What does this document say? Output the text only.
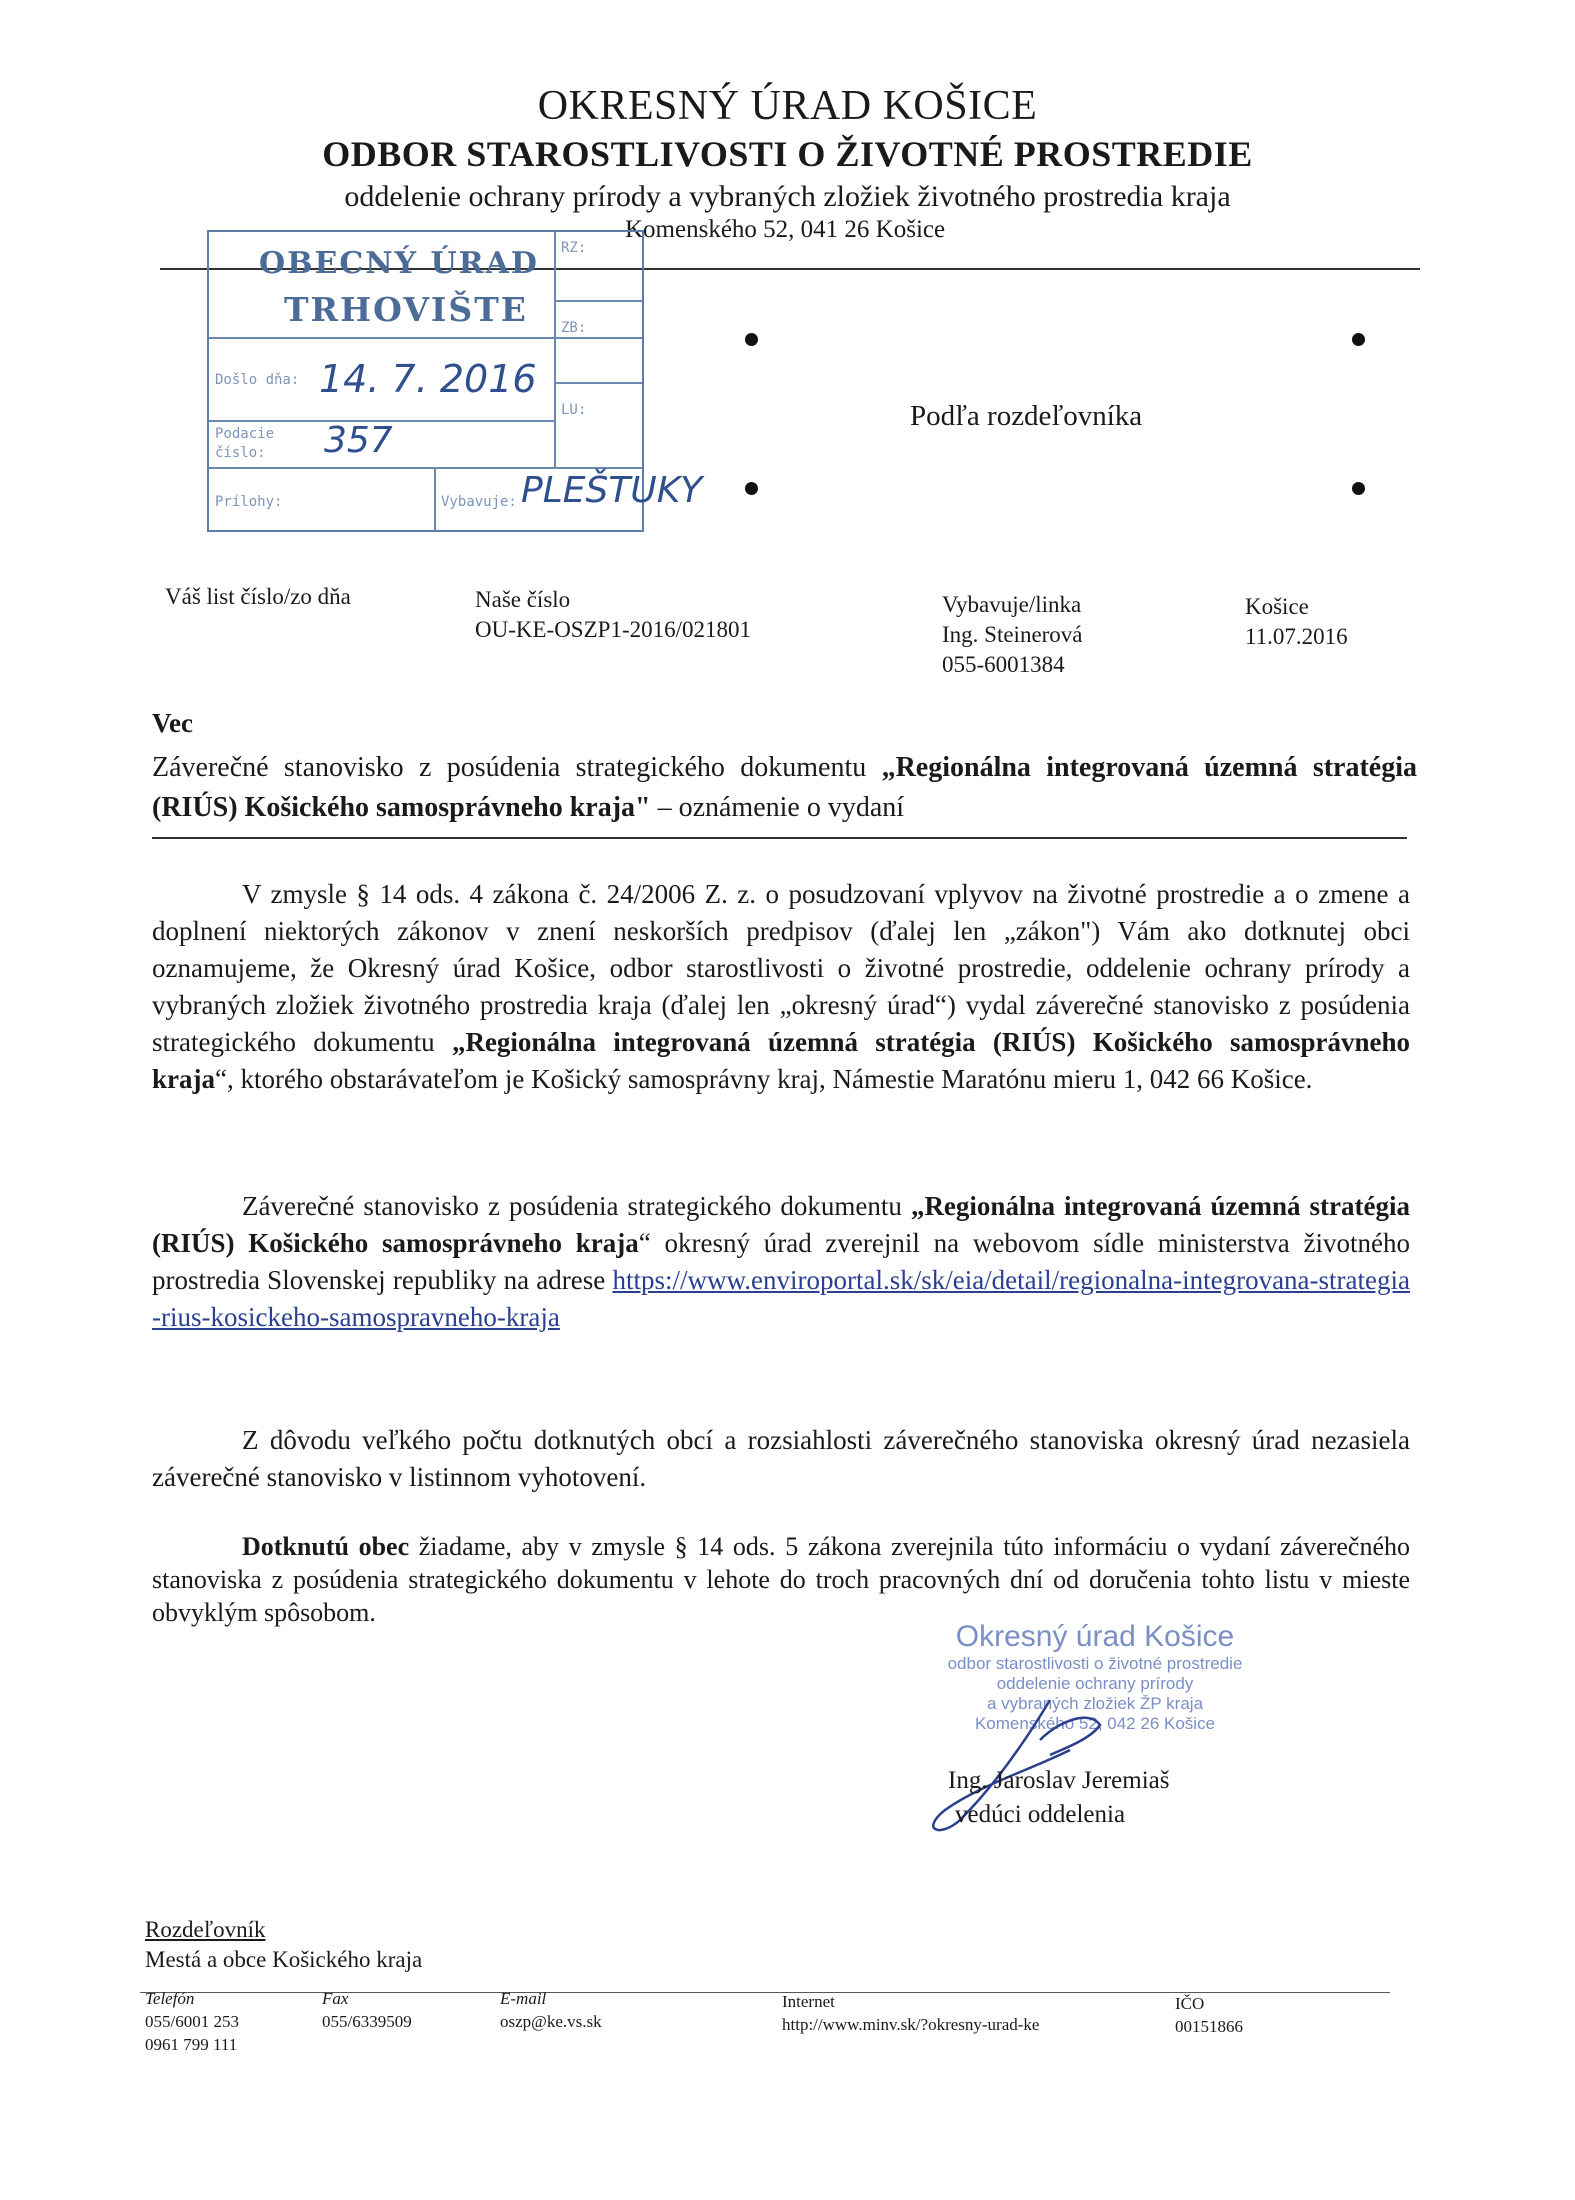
OKRESNÝ ÚRAD KOŠICE
ODBOR STAROSTLIVOSTI O ŽIVOTNÉ PROSTREDIE
oddelenie ochrany prírody a vybraných zložiek životného prostredia kraja
Komenského 52, 041 26 Košice
OBECNÝ ÚRAD
TRHOVIŠTE
RZ:
ZB:
LU:
Došlo dňa: 14. 7. 2016
Podacie
číslo: 357
Prílohy:	Vybavuje: PLEŠTUKY
Podľa rozdeľovníka
Váš list číslo/zo dňa	Naše číslo
OU-KE-OSZP1-2016/021801
Vybavuje/linka
Ing. Steinerová
055-6001384
Košice
11.07.2016
Vec
Záverečné stanovisko z posúdenia strategického dokumentu „Regionálna integrovaná územná stratégia (RIÚS) Košického samosprávneho kraja" – oznámenie o vydaní
V zmysle § 14 ods. 4 zákona č. 24/2006 Z. z. o posudzovaní vplyvov na životné prostredie a o zmene a doplnení niektorých zákonov v znení neskorších predpisov (ďalej len „zákon") Vám ako dotknutej obci oznamujeme, že Okresný úrad Košice, odbor starostlivosti o životné prostredie, oddelenie ochrany prírody a vybraných zložiek životného prostredia kraja (ďalej len „okresný úrad“) vydal záverečné stanovisko z posúdenia strategického dokumentu „Regionálna integrovaná územná stratégia (RIÚS) Košického samosprávneho kraja“, ktorého obstarávateľom je Košický samosprávny kraj, Námestie Maratónu mieru 1, 042 66 Košice.
Záverečné stanovisko z posúdenia strategického dokumentu „Regionálna integrovaná územná stratégia (RIÚS) Košického samosprávneho kraja“ okresný úrad zverejnil na webovom sídle ministerstva životného prostredia Slovenskej republiky na adrese https://www.enviroportal.sk/sk/eia/detail/regionalna-integrovana-strategia-rius-kosickeho-samospravneho-kraja
Z dôvodu veľkého počtu dotknutých obcí a rozsiahlosti záverečného stanoviska okresný úrad nezasiela záverečné stanovisko v listinnom vyhotovení.
Dotknutú obec žiadame, aby v zmysle § 14 ods. 5 zákona zverejnila túto informáciu o vydaní záverečného stanoviska z posúdenia strategického dokumentu v lehote do troch pracovných dní od doručenia tohto listu v mieste obvyklým spôsobom.
Okresný úrad Košice
odbor starostlivosti o životné prostredie
oddelenie ochrany prírody
a vybraných zložiek ŽP kraja
Komenského 52, 042 26 Košice
Ing. Jaroslav Jeremiaš
vedúci oddelenia
Rozdeľovník
Mestá a obce Košického kraja
Telefón
055/6001 253
0961 799 111
Fax
055/6339509
E-mail
oszp@ke.vs.sk
Internet
http://www.minv.sk/?okresny-urad-ke
IČO
00151866
